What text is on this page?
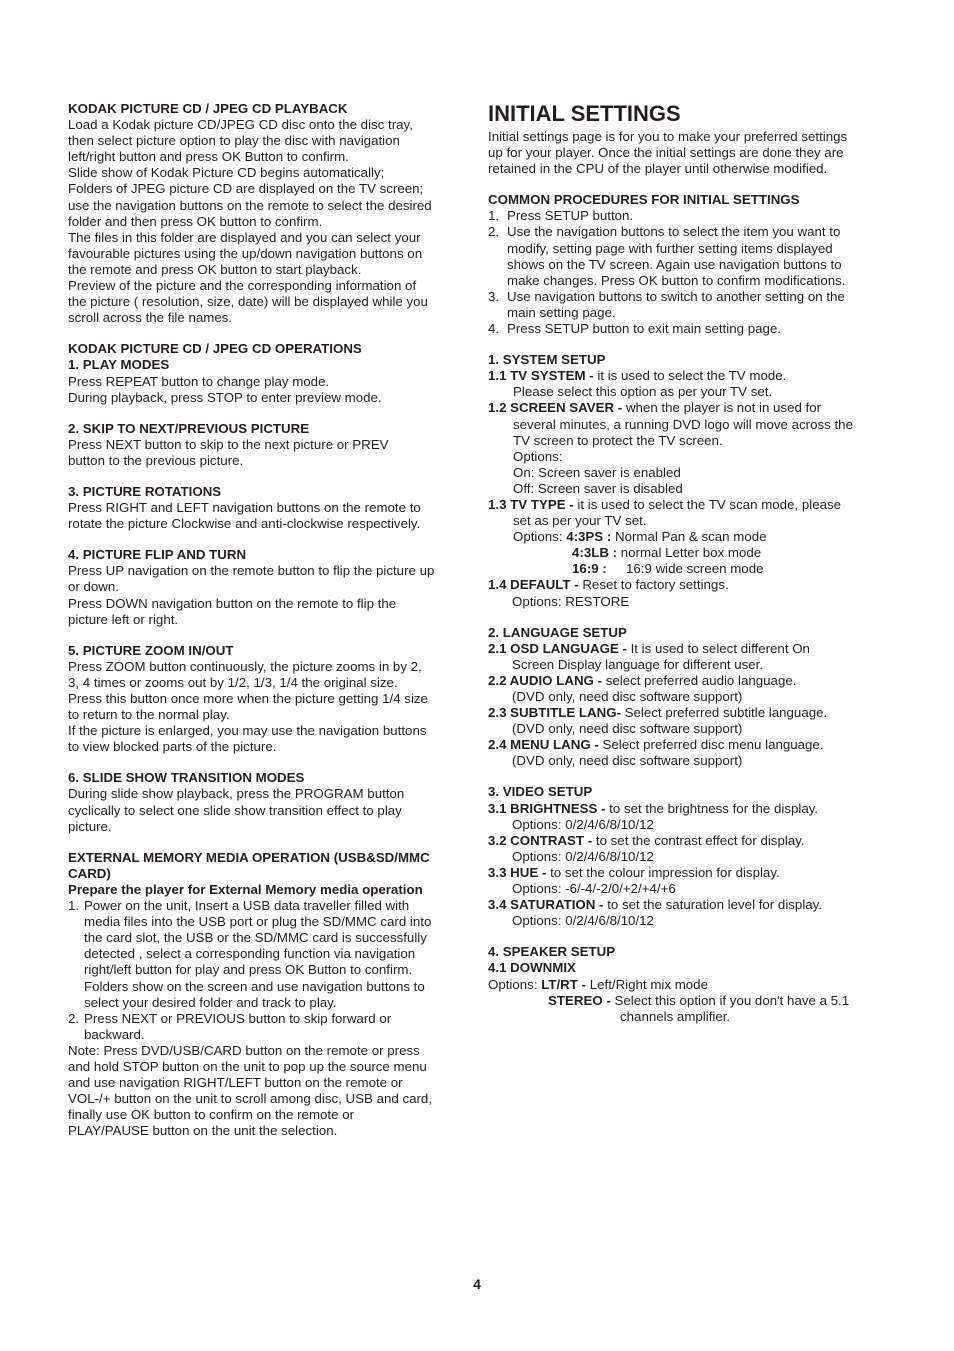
KODAK PICTURE CD / JPEG CD PLAYBACK
Load a Kodak picture CD/JPEG CD disc onto the disc tray,
then select picture option to play the disc with navigation
left/right button and press OK Button to confirm.
Slide show of Kodak Picture CD begins automatically;
Folders of JPEG picture CD are displayed on the TV screen;
use the navigation buttons on the remote to select the desired
folder and then press OK button to confirm.
The files in this folder are displayed and you can select your
favourable pictures using the up/down navigation buttons on
the remote and press OK button to start playback.
Preview of the picture and the corresponding information of
the picture ( resolution, size, date) will be displayed while you
scroll across the file names.
KODAK PICTURE CD / JPEG CD OPERATIONS
1. PLAY MODES
Press REPEAT button to change play mode.
During playback, press STOP to enter preview mode.
2. SKIP TO NEXT/PREVIOUS PICTURE
Press NEXT button to skip to the next picture or PREV
button to the previous picture.
3. PICTURE ROTATIONS
Press RIGHT and LEFT navigation buttons on the remote to
rotate the picture Clockwise and anti-clockwise respectively.
4. PICTURE FLIP AND TURN
Press UP navigation on the remote button to flip the picture up
or down.
Press DOWN navigation button on the remote to flip the
picture left or right.
5. PICTURE ZOOM IN/OUT
Press ZOOM button continuously, the picture zooms in by 2,
3, 4 times or zooms out by 1/2, 1/3, 1/4 the original size.
Press this button once more when the picture getting 1/4 size
to return to the normal play.
If the picture is enlarged, you may use the navigation buttons
to view blocked parts of the picture.
6. SLIDE SHOW TRANSITION MODES
During slide show playback, press the PROGRAM button
cyclically to select one slide show transition effect to play
picture.
EXTERNAL MEMORY MEDIA OPERATION (USB&SD/MMC
CARD)
Prepare the player for External Memory media operation
1. Power on the unit, Insert a USB data traveller filled with
media files into the USB port or plug the SD/MMC card into
the card slot, the USB or the SD/MMC card is successfully
detected , select a corresponding function via navigation
right/left button for play and press OK Button to confirm.
Folders show on the screen and use navigation buttons to
select your desired folder and track to play.
2. Press NEXT or PREVIOUS button to skip forward or
backward.
Note: Press DVD/USB/CARD button on the remote or press
and hold STOP button on the unit to pop up the source menu
and use navigation RIGHT/LEFT button on the remote or
VOL-/+ button on the unit to scroll among disc, USB and card,
finally use OK button to confirm on the remote or
PLAY/PAUSE button on the unit the selection.
INITIAL SETTINGS
Initial settings page is for you to make your preferred settings
up for your player. Once the initial settings are done they are
retained in the CPU of the player until otherwise modified.
COMMON PROCEDURES FOR INITIAL SETTINGS
1. Press SETUP button.
2. Use the navigation buttons to select the item you want to
modify, setting page with further setting items displayed
shows on the TV screen. Again use navigation buttons to
make changes. Press OK button to confirm modifications.
3. Use navigation buttons to switch to another setting on the
main setting page.
4. Press SETUP button to exit main setting page.
1. SYSTEM SETUP
1.1 TV SYSTEM - it is used to select the TV mode.
Please select this option as per your TV set.
1.2 SCREEN SAVER - when the player is not in used for
several minutes, a running DVD logo will move across the
TV screen to protect the TV screen.
Options:
On: Screen saver is enabled
Off: Screen saver is disabled
1.3 TV TYPE - it is used to select the TV scan mode, please
set as per your TV set.
Options: 4:3PS : Normal Pan & scan mode
4:3LB : normal Letter box mode
16:9 :16:9 wide screen mode
1.4 DEFAULT - Reset to factory settings.
Options: RESTORE
2. LANGUAGE SETUP
2.1 OSD LANGUAGE - It is used to select different On
Screen Display language for different user.
2.2 AUDIO LANG - select preferred audio language.
(DVD only, need disc software support)
2.3 SUBTITLE LANG- Select preferred subtitle language.
(DVD only, need disc software support)
2.4 MENU LANG - Select preferred disc menu language.
(DVD only, need disc software support)
3. VIDEO SETUP
3.1 BRIGHTNESS - to set the brightness for the display.
Options: 0/2/4/6/8/10/12
3.2 CONTRAST - to set the contrast effect for display.
Options: 0/2/4/6/8/10/12
3.3 HUE - to set the colour impression for display.
Options: -6/-4/-2/0/+2/+4/+6
3.4 SATURATION - to set the saturation level for display.
Options: 0/2/4/6/8/10/12
4. SPEAKER SETUP
4.1 DOWNMIX
Options: LT/RT - Left/Right mix mode
STEREO - Select this option if you don't have a 5.1
channels amplifier.
4
